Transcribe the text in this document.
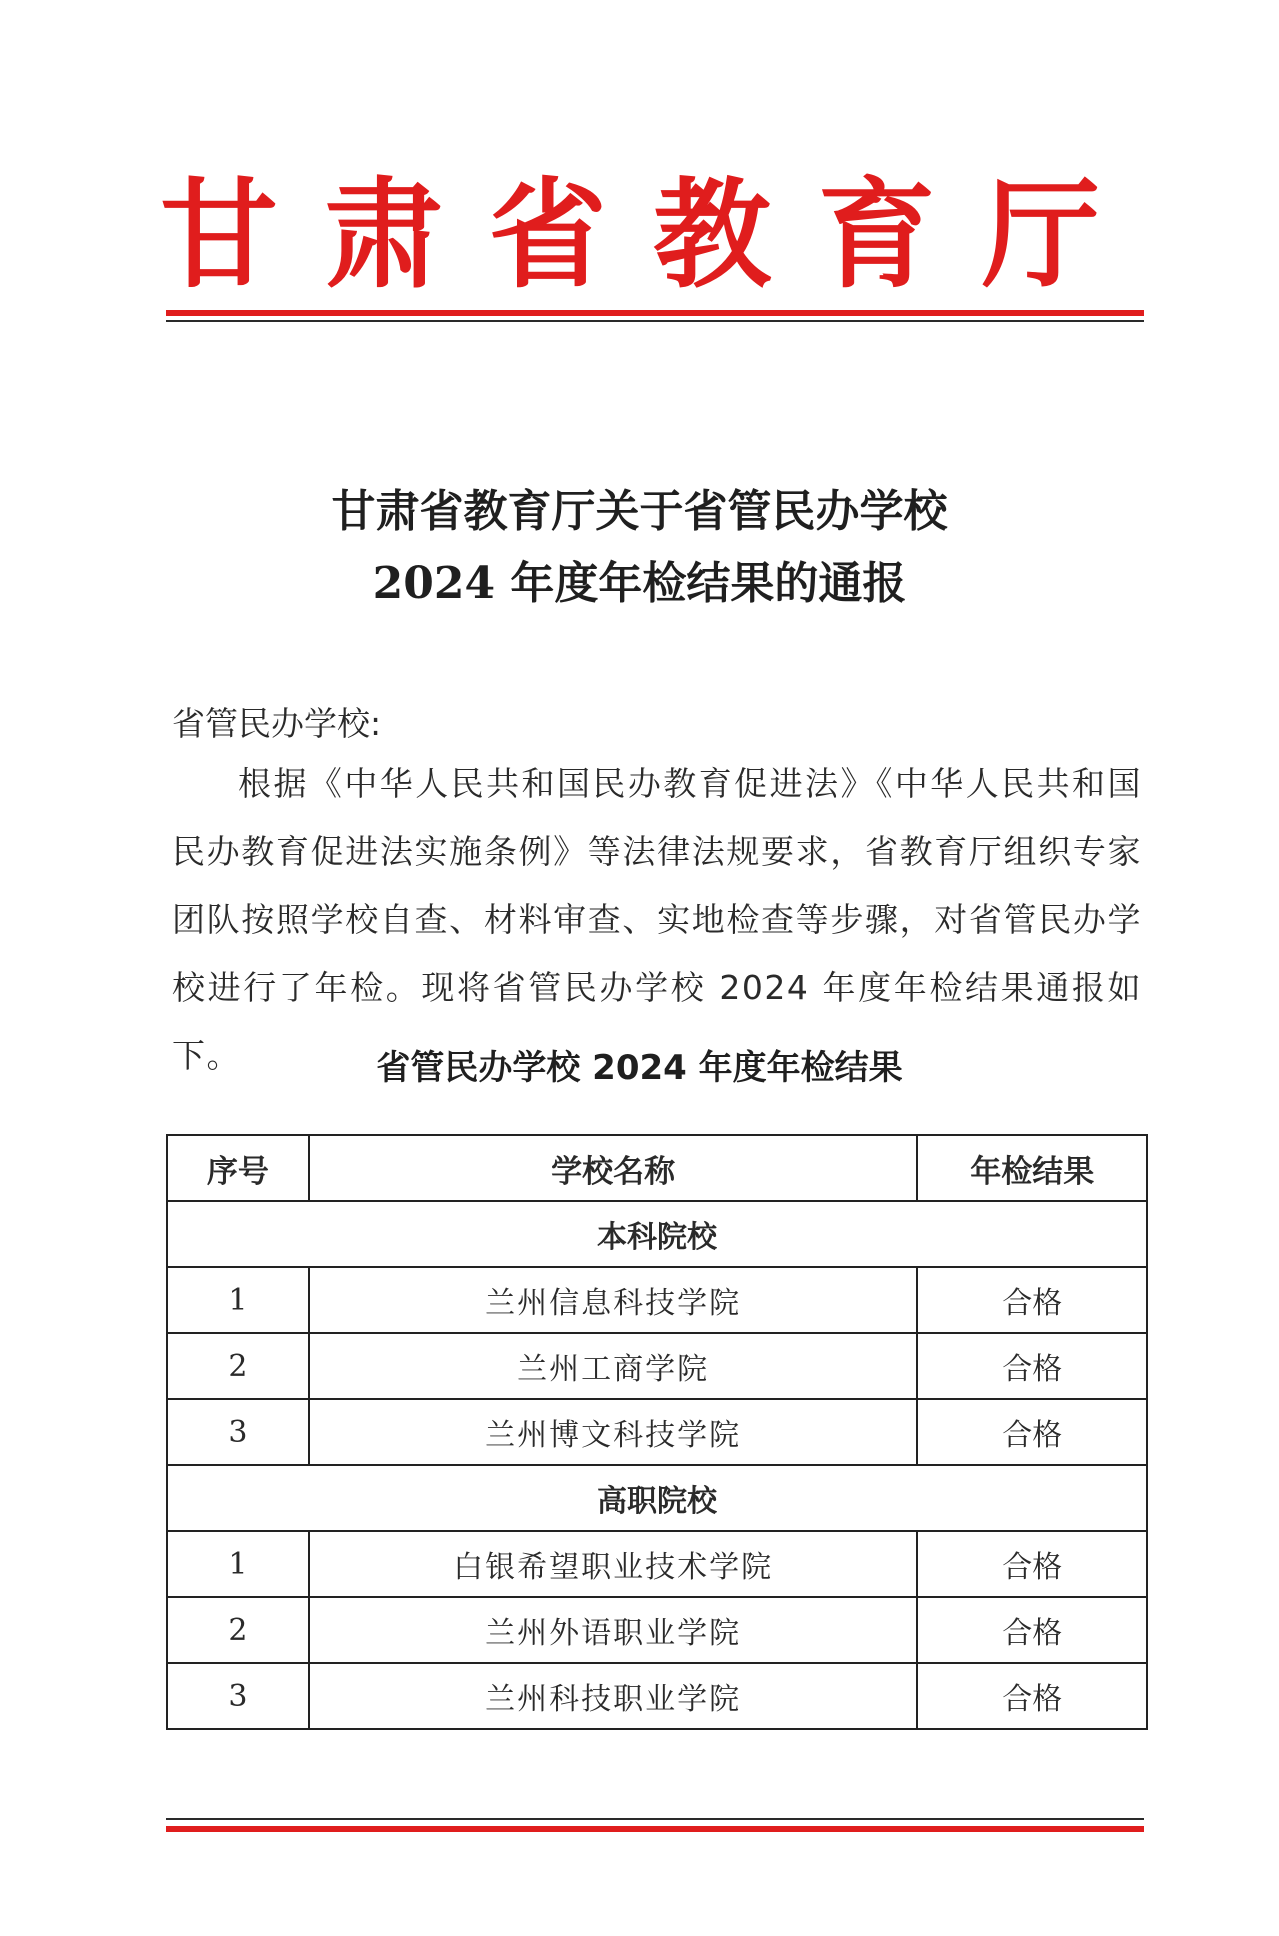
甘 肃 省 教 育 厅
甘肃省教育厅关于省管民办学校
2024 年度年检结果的通报
省管民办学校:

根据《中华人民共和国民办教育促进法》《中华人民共和国民办教育促进法实施条例》等法律法规要求，省教育厅组织专家团队按照学校自查、材料审查、实地检查等步骤，对省管民办学校进行了年检。现将省管民办学校 2024 年度年检结果通报如下。	省管民办学校 2024 年度年检结果
序号	学校名称	年检结果
本科院校		
1	兰州信息科技学院	合格
2	兰州工商学院	合格
3	兰州博文科技学院	合格
高职院校		
1	白银希望职业技术学院	合格
2	兰州外语职业学院	合格
3	兰州科技职业学院	合格
